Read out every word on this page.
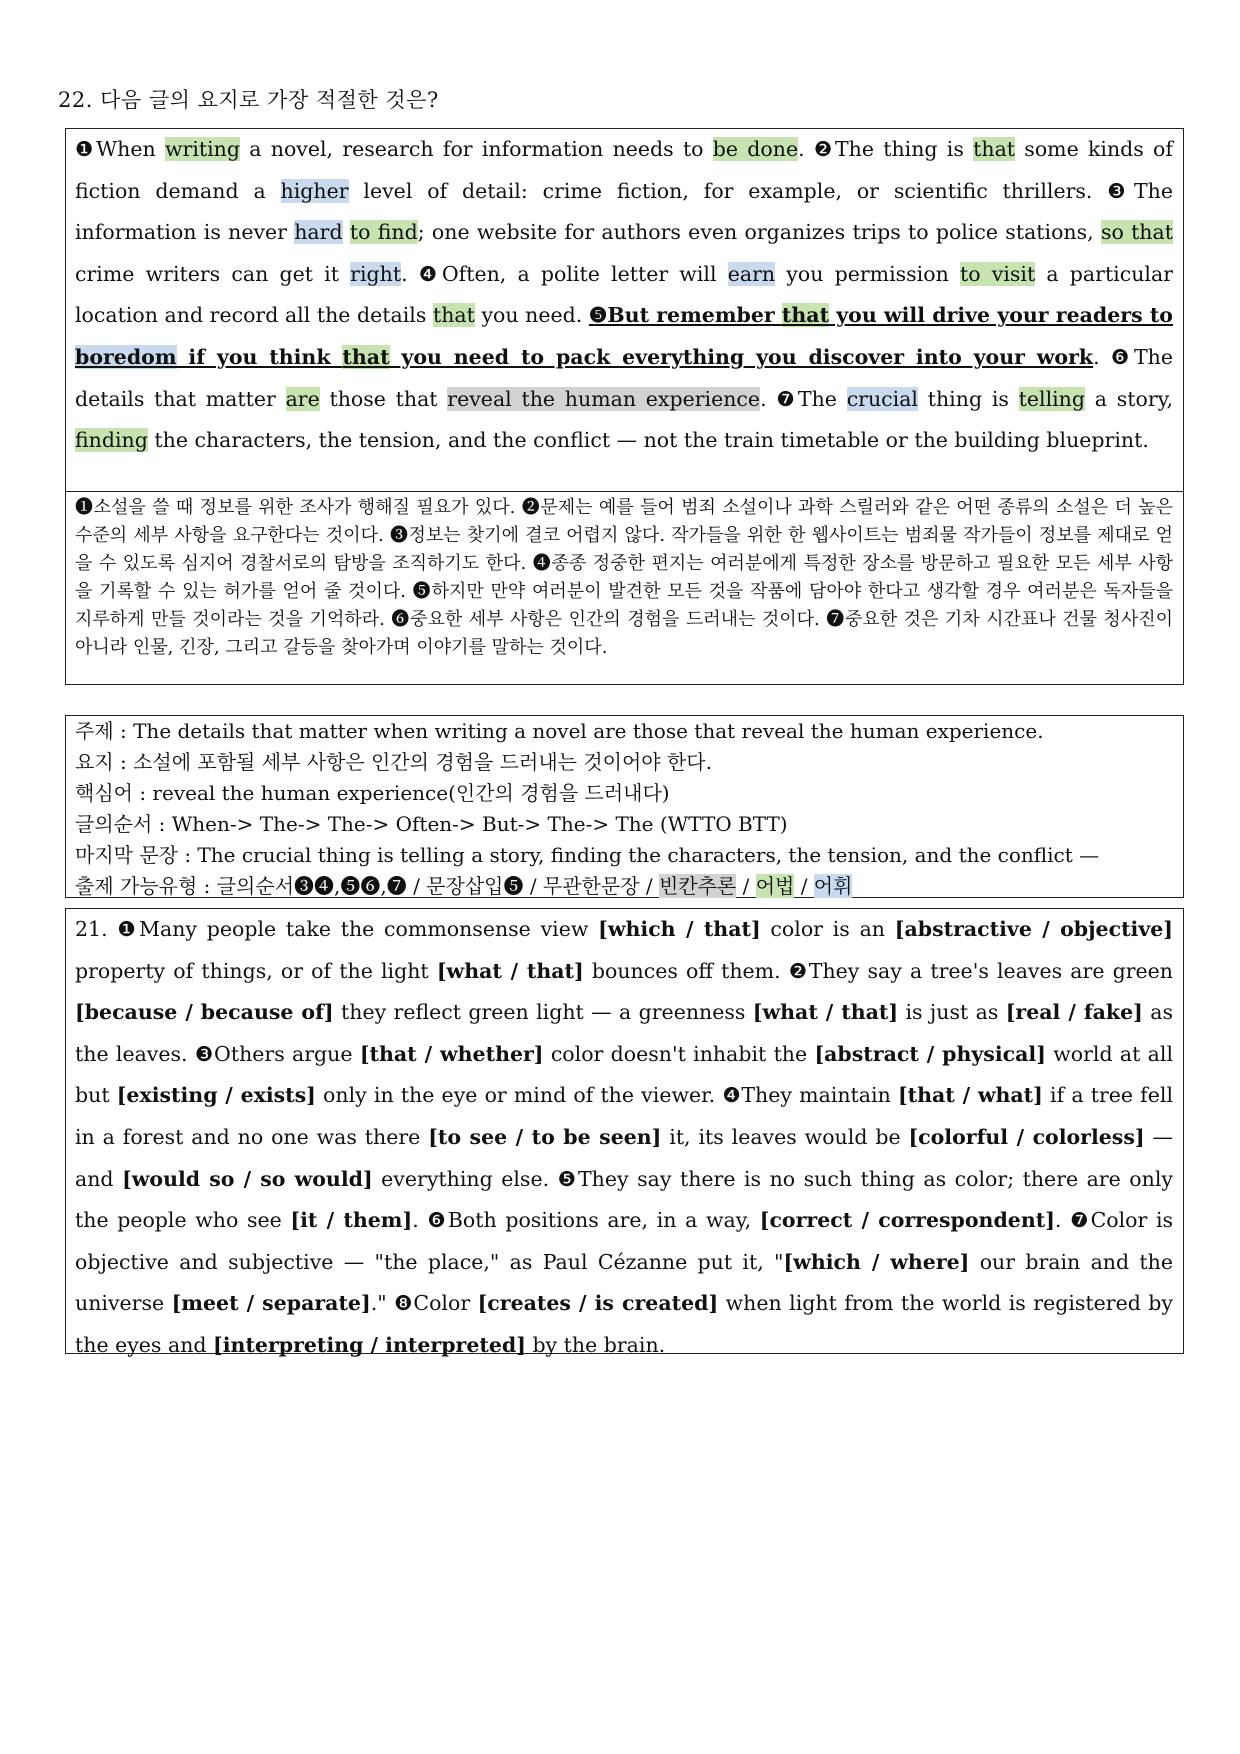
22. 다음 글의 요지로 가장 적절한 것은?
❶When writing a novel, research for information needs to be done. ❷The thing is that some kinds of fiction demand a higher level of detail: crime fiction, for example, or scientific thrillers. ❸The information is never hard to find; one website for authors even organizes trips to police stations, so that crime writers can get it right. ❹Often, a polite letter will earn you permission to visit a particular location and record all the details that you need. ❺But remember that you will drive your readers to boredom if you think that you need to pack everything you discover into your work. ❻The details that matter are those that reveal the human experience. ❼The crucial thing is telling a story, finding the characters, the tension, and the conflict — not the train timetable or the building blueprint.
❶소설을 쓸 때 정보를 위한 조사가 행해질 필요가 있다. ❷문제는 예를 들어 범죄 소설이나 과학 스릴러와 같은 어떤 종류의 소설은 더 높은 수준의 세부 사항을 요구한다는 것이다. ❸정보는 찾기에 결코 어렵지 않다. 작가들을 위한 한 웹사이트는 범죄물 작가들이 정보를 제대로 얻을 수 있도록 심지어 경찰서로의 탐방을 조직하기도 한다. ❹종종 정중한 편지는 여러분에게 특정한 장소를 방문하고 필요한 모든 세부 사항을 기록할 수 있는 허가를 얻어 줄 것이다. ❺하지만 만약 여러분이 발견한 모든 것을 작품에 담아야 한다고 생각할 경우 여러분은 독자들을 지루하게 만들 것이라는 것을 기억하라. ❻중요한 세부 사항은 인간의 경험을 드러내는 것이다. ❼중요한 것은 기차 시간표나 건물 청사진이 아니라 인물, 긴장, 그리고 갈등을 찾아가며 이야기를 말하는 것이다.
주제 : The details that matter when writing a novel are those that reveal the human experience.
요지 : 소설에 포함될 세부 사항은 인간의 경험을 드러내는 것이어야 한다.
핵심어 : reveal the human experience(인간의 경험을 드러내다)
글의순서 : When-> The-> The-> Often-> But-> The-> The (WTTO BTT)
마지막 문장 : The crucial thing is telling a story, finding the characters, the tension, and the conflict —
출제 가능유형 : 글의순서❸❹,❺❻,❼ / 문장삽입❺ / 무관한문장 / 빈칸추론 / 어법 / 어휘
21. ❶Many people take the commonsense view [which / that] color is an [abstractive / objective] property of things, or of the light [what / that] bounces off them. ❷They say a tree's leaves are green [because / because of] they reflect green light — a greenness [what / that] is just as [real / fake] as the leaves. ❸Others argue [that / whether] color doesn't inhabit the [abstract / physical] world at all but [existing / exists] only in the eye or mind of the viewer. ❹They maintain [that / what] if a tree fell in a forest and no one was there [to see / to be seen] it, its leaves would be [colorful / colorless] — and [would so / so would] everything else. ❺They say there is no such thing as color; there are only the people who see [it / them]. ❻Both positions are, in a way, [correct / correspondent]. ❼Color is objective and subjective — "the place," as Paul Cézanne put it, "[which / where] our brain and the universe [meet / separate]." ❽Color [creates / is created] when light from the world is registered by the eyes and [interpreting / interpreted] by the brain.
